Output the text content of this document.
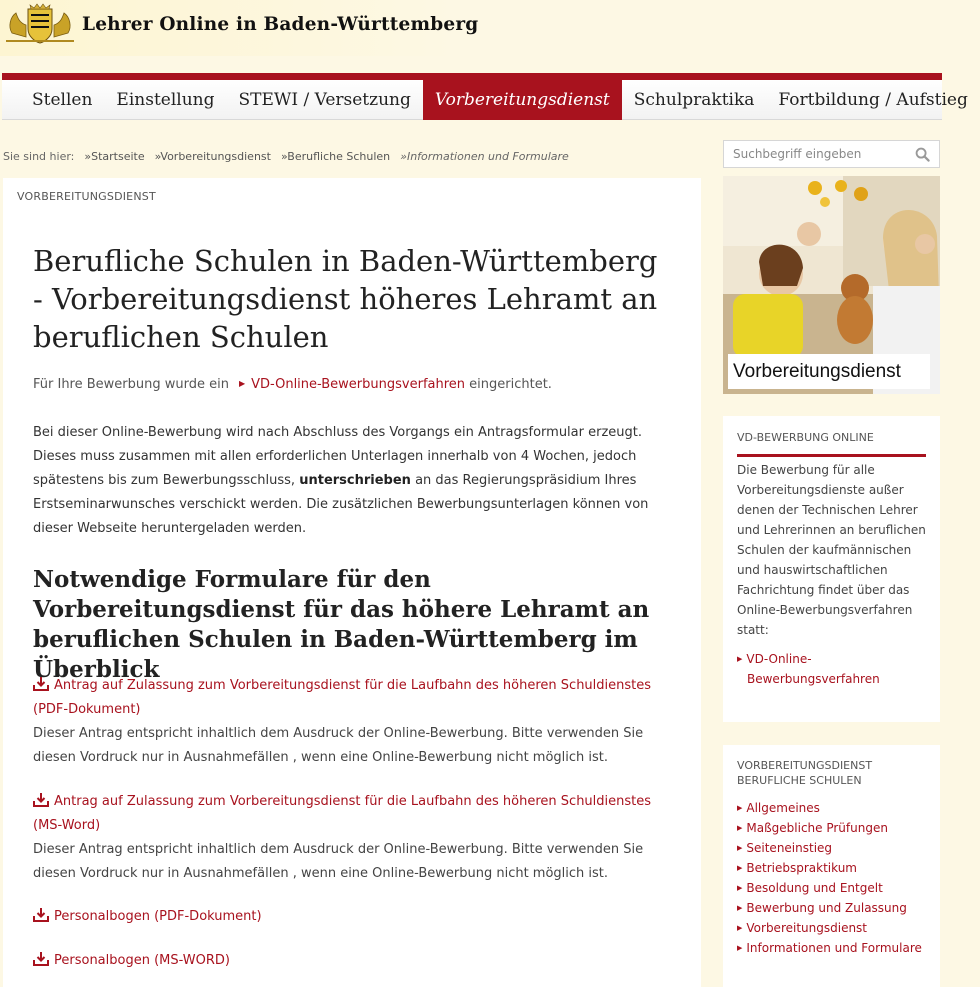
Lehrer Online in Baden-Württemberg
Stellen	Einstellung	STEWI / Versetzung	Vorbereitungsdienst	Schulpraktika	Fortbildung / Aufstieg
Sie sind hier: »Startseite »Vorbereitungsdienst »Berufliche Schulen »Informationen und Formulare
Suchbegriff eingeben
VORBEREITUNGSDIENST
Berufliche Schulen in Baden-Württemberg - Vorbereitungsdienst höheres Lehramt an beruflichen Schulen
Für Ihre Bewerbung wurde ein ▶ VD-Online-Bewerbungsverfahren eingerichtet.
Bei dieser Online-Bewerbung wird nach Abschluss des Vorgangs ein Antragsformular erzeugt. Dieses muss zusammen mit allen erforderlichen Unterlagen innerhalb von 4 Wochen, jedoch spätestens bis zum Bewerbungsschluss, unterschrieben an das Regierungspräsidium Ihres Erstseminarwunsches verschickt werden. Die zusätzlichen Bewerbungsunterlagen können von dieser Webseite heruntergeladen werden.
Notwendige Formulare für den Vorbereitungsdienst für das höhere Lehramt an beruflichen Schulen in Baden-Württemberg im Überblick
Antrag auf Zulassung zum Vorbereitungsdienst für die Laufbahn des höheren Schuldienstes (PDF-Dokument)
Dieser Antrag entspricht inhaltlich dem Ausdruck der Online-Bewerbung. Bitte verwenden Sie diesen Vordruck nur in Ausnahmefällen , wenn eine Online-Bewerbung nicht möglich ist.
Antrag auf Zulassung zum Vorbereitungsdienst für die Laufbahn des höheren Schuldienstes (MS-Word)
Dieser Antrag entspricht inhaltlich dem Ausdruck der Online-Bewerbung. Bitte verwenden Sie diesen Vordruck nur in Ausnahmefällen , wenn eine Online-Bewerbung nicht möglich ist.
Personalbogen (PDF-Dokument)
Personalbogen (MS-WORD)
Vorbereitungsdienst
VD-BEWERBUNG ONLINE
Die Bewerbung für alle Vorbereitungsdienste außer denen der Technischen Lehrer und Lehrerinnen an beruflichen Schulen der kaufmännischen und hauswirtschaftlichen Fachrichtung findet über das Online-Bewerbungsverfahren statt:
▶ VD-Online-
Bewerbungsverfahren
VORBEREITUNGSDIENST
BERUFLICHE SCHULEN
▶ Allgemeines
▶ Maßgebliche Prüfungen
▶ Seiteneinstieg
▶ Betriebspraktikum
▶ Besoldung und Entgelt
▶ Bewerbung und Zulassung
▶ Vorbereitungsdienst
▶ Informationen und Formulare
